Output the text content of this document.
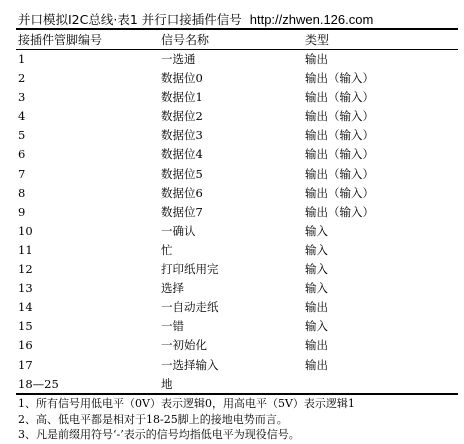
并口模拟I2C总线·表1 并行口接插件信号 http://zhwen.126.com
接插件管脚编号	信号名称	类型
1	一选通	输出
2	数据位0	输出（输入）
3	数据位1	输出（输入）
4	数据位2	输出（输入）
5	数据位3	输出（输入）
6	数据位4	输出（输入）
7	数据位5	输出（输入）
8	数据位6	输出（输入）
9	数据位7	输出（输入）
10	一确认	输入
11	忙	输入
12	打印纸用完	输入
13	选择	输入
14	一自动走纸	输出
15	一错	输入
16	一初始化	输出
17	一选择输入	输出
18—25	地
1、所有信号用低电平（0V）表示逻辑0，用高电平（5V）表示逻辑1
2、高、低电平都是相对于18-25脚上的接地电势而言。
3、凡是前缀用符号‘-’表示的信号均指低电平为现役信号。
